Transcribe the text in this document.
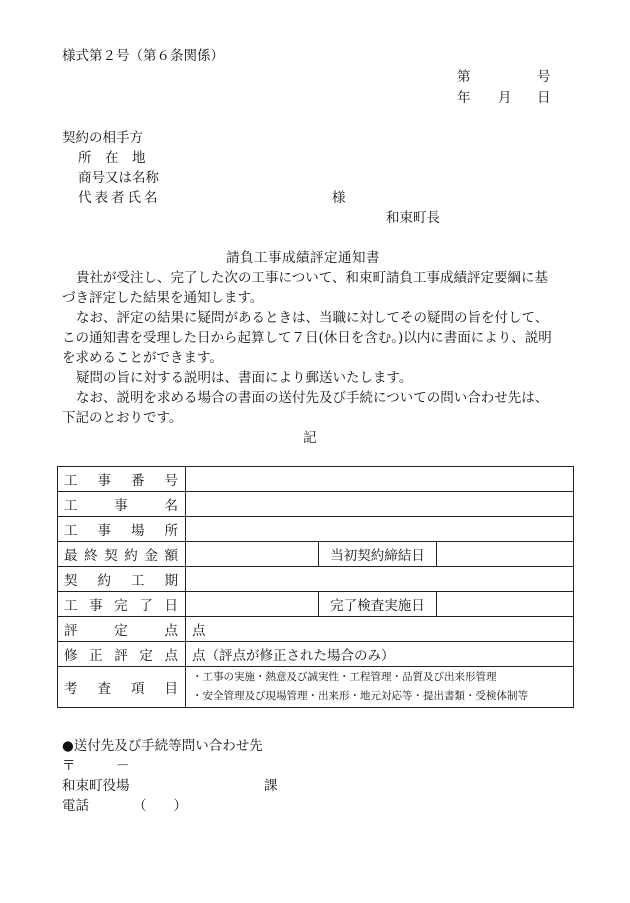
様式第２号（第６条関係）
第	号
年 月 日
契約の相手方
所　在　地
商号又は名称
代表者氏名	様
和束町長
請負工事成績評定通知書

貴社が受注し、完了した次の工事について、和束町請負工事成績評定要綱に基づき評定した結果を通知します。

なお、評定の結果に疑問があるときは、当職に対してその疑問の旨を付して、この通知書を受理した日から起算して７日(休日を含む。)以内に書面により、説明を求めることができます。

疑問の旨に対する説明は、書面により郵送いたします。

なお、説明を求める場合の書面の送付先及び手続についての問い合わせ先は、下記のとおりです。

記
工事番号			
工事名			
工事場所			
最終契約金額		当初契約締結日	
契約工期			
工事完了日		完了検査実施日	
評定点	点		
修正評定点	点（評点が修正された場合のみ）		
考査項目	・工事の実施・熱意及び誠実性・工程管理・品質及び出来形管理
・安全管理及び現場管理・出来形・地元対応等・提出書類・受検体制等		
●送付先及び手続等問い合わせ先
〒　　　－
和束町役場	課
電話	（　　）
